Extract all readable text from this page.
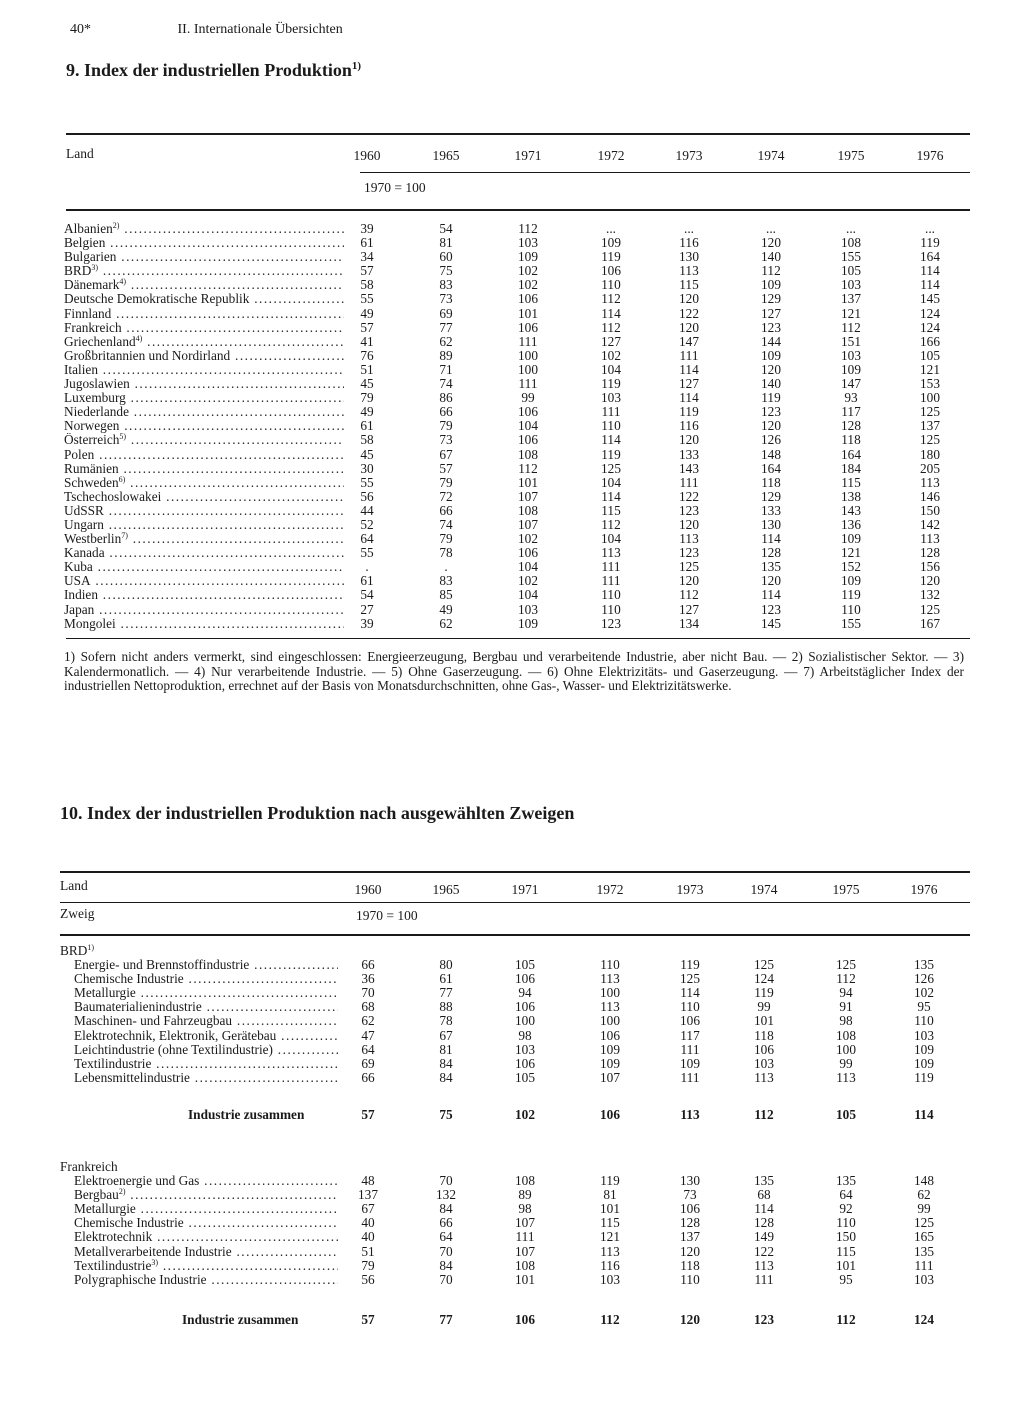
40*	II. Internationale Übersichten
9. Index der industriellen Produktion$^{1)}$
Land	1960	1965	1971	1972	1973	1974	1975	1976
1970 = 100
Albanien$^{2)}$ .....	39	54	112	...	...	...	...	...
Belgien .....	61	81	103	109	116	120	108	119
Bulgarien .....	34	60	109	119	130	140	155	164
BRD$^{3)}$ .....	57	75	102	106	113	112	105	114
Dänemark$^{4)}$ .....	58	83	102	110	115	109	103	114
Deutsche Demokratische Republik .....	55	73	106	112	120	129	137	145
Finnland .....	49	69	101	114	122	127	121	124
Frankreich .....	57	77	106	112	120	123	112	124
Griechenland$^{4)}$ .....	41	62	111	127	147	144	151	166
Großbritannien und Nordirland .....	76	89	100	102	111	109	103	105
Italien .....	51	71	100	104	114	120	109	121
Jugoslawien .....	45	74	111	119	127	140	147	153
Luxemburg .....	79	86	99	103	114	119	93	100
Niederlande .....	49	66	106	111	119	123	117	125
Norwegen .....	61	79	104	110	116	120	128	137
Österreich$^{5)}$ .....	58	73	106	114	120	126	118	125
Polen .....	45	67	108	119	133	148	164	180
Rumänien .....	30	57	112	125	143	164	184	205
Schweden$^{6)}$ .....	55	79	101	104	111	118	115	113
Tschechoslowakei .....	56	72	107	114	122	129	138	146
UdSSR .....	44	66	108	115	123	133	143	150
Ungarn .....	52	74	107	112	120	130	136	142
Westberlin$^{7)}$ .....	64	79	102	104	113	114	109	113
Kanada .....	55	78	106	113	123	128	121	128
Kuba .....	.	.	104	111	125	135	152	156
USA .....	61	83	102	111	120	120	109	120
Indien .....	54	85	104	110	112	114	119	132
Japan .....	27	49	103	110	127	123	110	125
Mongolei .....	39	62	109	123	134	145	155	167
1) Sofern nicht anders vermerkt, sind eingeschlossen: Energieerzeugung, Bergbau und verarbeitende Industrie, aber nicht Bau. — 2) Sozialistischer Sektor. — 3) Kalendermonatlich. — 4) Nur verarbeitende Industrie. — 5) Ohne Gaserzeugung. — 6) Ohne Elektrizitäts- und Gaserzeugung. — 7) Arbeitstäglicher Index der industriellen Nettoproduktion, errechnet auf der Basis von Monatsdurchschnitten, ohne Gas-, Wasser- und Elektrizitätswerke.
10. Index der industriellen Produktion nach ausgewählten Zweigen
Land	1960	1965	1971	1972	1973	1974	1975	1976
Zweig	1970 = 100
BRD$^{1)}$
Energie- und Brennstoffindustrie .....	66	80	105	110	119	125	125	135
Chemische Industrie .....	36	61	106	113	125	124	112	126
Metallurgie .....	70	77	94	100	114	119	94	102
Baumaterialienindustrie .....	68	88	106	113	110	99	91	95
Maschinen- und Fahrzeugbau .....	62	78	100	100	106	101	98	110
Elektrotechnik, Elektronik, Gerätebau .....	47	67	98	106	117	118	108	103
Leichtindustrie (ohne Textilindustrie) .....	64	81	103	109	111	106	100	109
Textilindustrie .....	69	84	106	109	109	103	99	109
Lebensmittelindustrie .....	66	84	105	107	111	113	113	119
Industrie zusammen	57	75	102	106	113	112	105	114
Frankreich
Elektroenergie und Gas .....	48	70	108	119	130	135	135	148
Bergbau$^{2)}$ .....	137	132	89	81	73	68	64	62
Metallurgie .....	67	84	98	101	106	114	92	99
Chemische Industrie .....	40	66	107	115	128	128	110	125
Elektrotechnik .....	40	64	111	121	137	149	150	165
Metallverarbeitende Industrie .....	51	70	107	113	120	122	115	135
Textilindustrie$^{3)}$ .....	79	84	108	116	118	113	101	111
Polygraphische Industrie .....	56	70	101	103	110	111	95	103
Industrie zusammen	57	77	106	112	120	123	112	124
